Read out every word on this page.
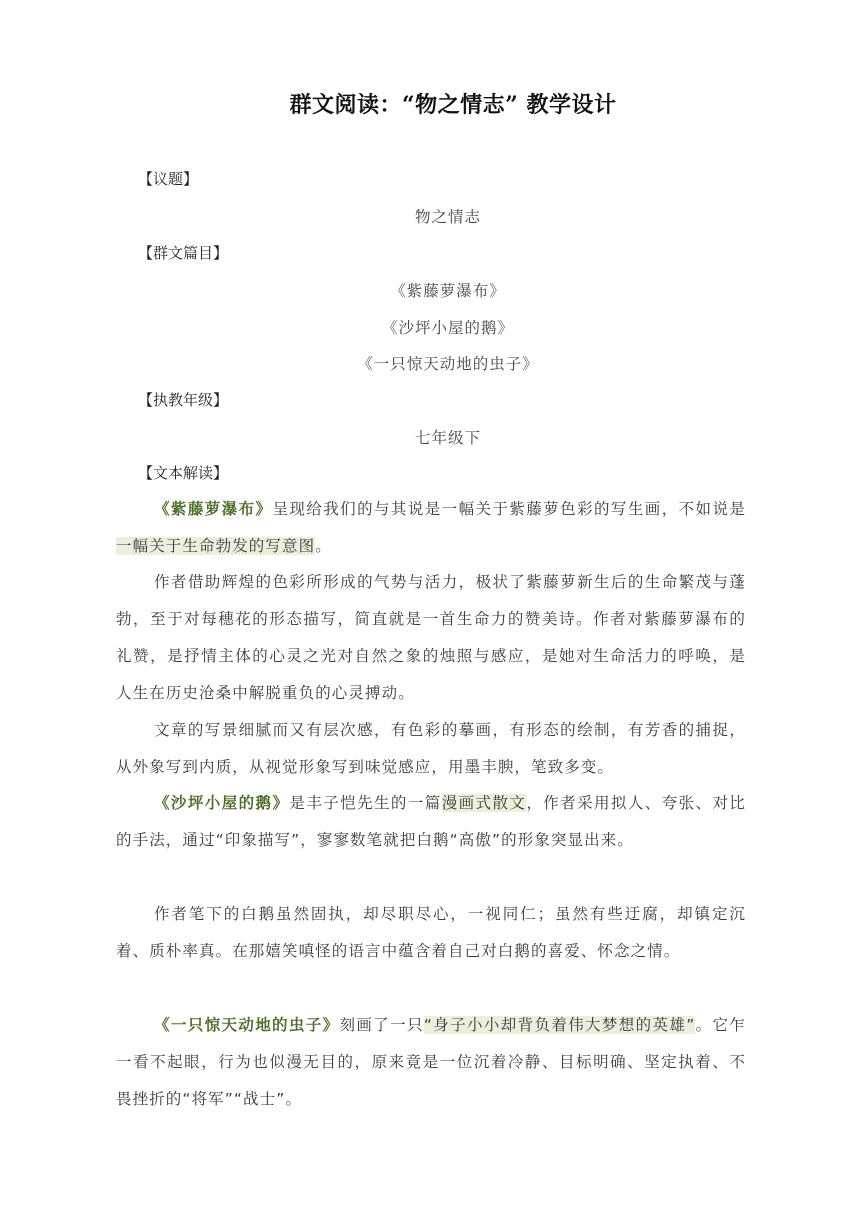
群文阅读：“物之情志” 教学设计
【议题】
物之情志
【群文篇目】
《紫藤萝瀑布》
《沙坪小屋的鹅》
《一只惊天动地的虫子》
【执教年级】
七年级下
【文本解读】
《紫藤萝瀑布》呈现给我们的与其说是一幅关于紫藤萝色彩的写生画，不如说是一幅关于生命勃发的写意图。
作者借助辉煌的色彩所形成的气势与活力，极状了紫藤萝新生后的生命繁茂与蓬勃，至于对每穗花的形态描写，简直就是一首生命力的赞美诗。作者对紫藤萝瀑布的礼赞，是抒情主体的心灵之光对自然之象的烛照与感应，是她对生命活力的呼唤，是人生在历史沧桑中解脱重负的心灵搏动。
文章的写景细腻而又有层次感，有色彩的摹画，有形态的绘制，有芳香的捕捉，从外象写到内质，从视觉形象写到味觉感应，用墨丰腴，笔致多变。
《沙坪小屋的鹅》是丰子恺先生的一篇漫画式散文，作者采用拟人、夸张、对比的手法，通过“印象描写”，寥寥数笔就把白鹅“高傲”的形象突显出来。
作者笔下的白鹅虽然固执，却尽职尽心，一视同仁；虽然有些迂腐，却镇定沉着、质朴率真。在那嬉笑嗔怪的语言中蕴含着自己对白鹅的喜爱、怀念之情。
《一只惊天动地的虫子》刻画了一只“身子小小却背负着伟大梦想的英雄”。它乍一看不起眼，行为也似漫无目的，原来竟是一位沉着冷静、目标明确、坚定执着、不畏挫折的“将军”“战士”。
